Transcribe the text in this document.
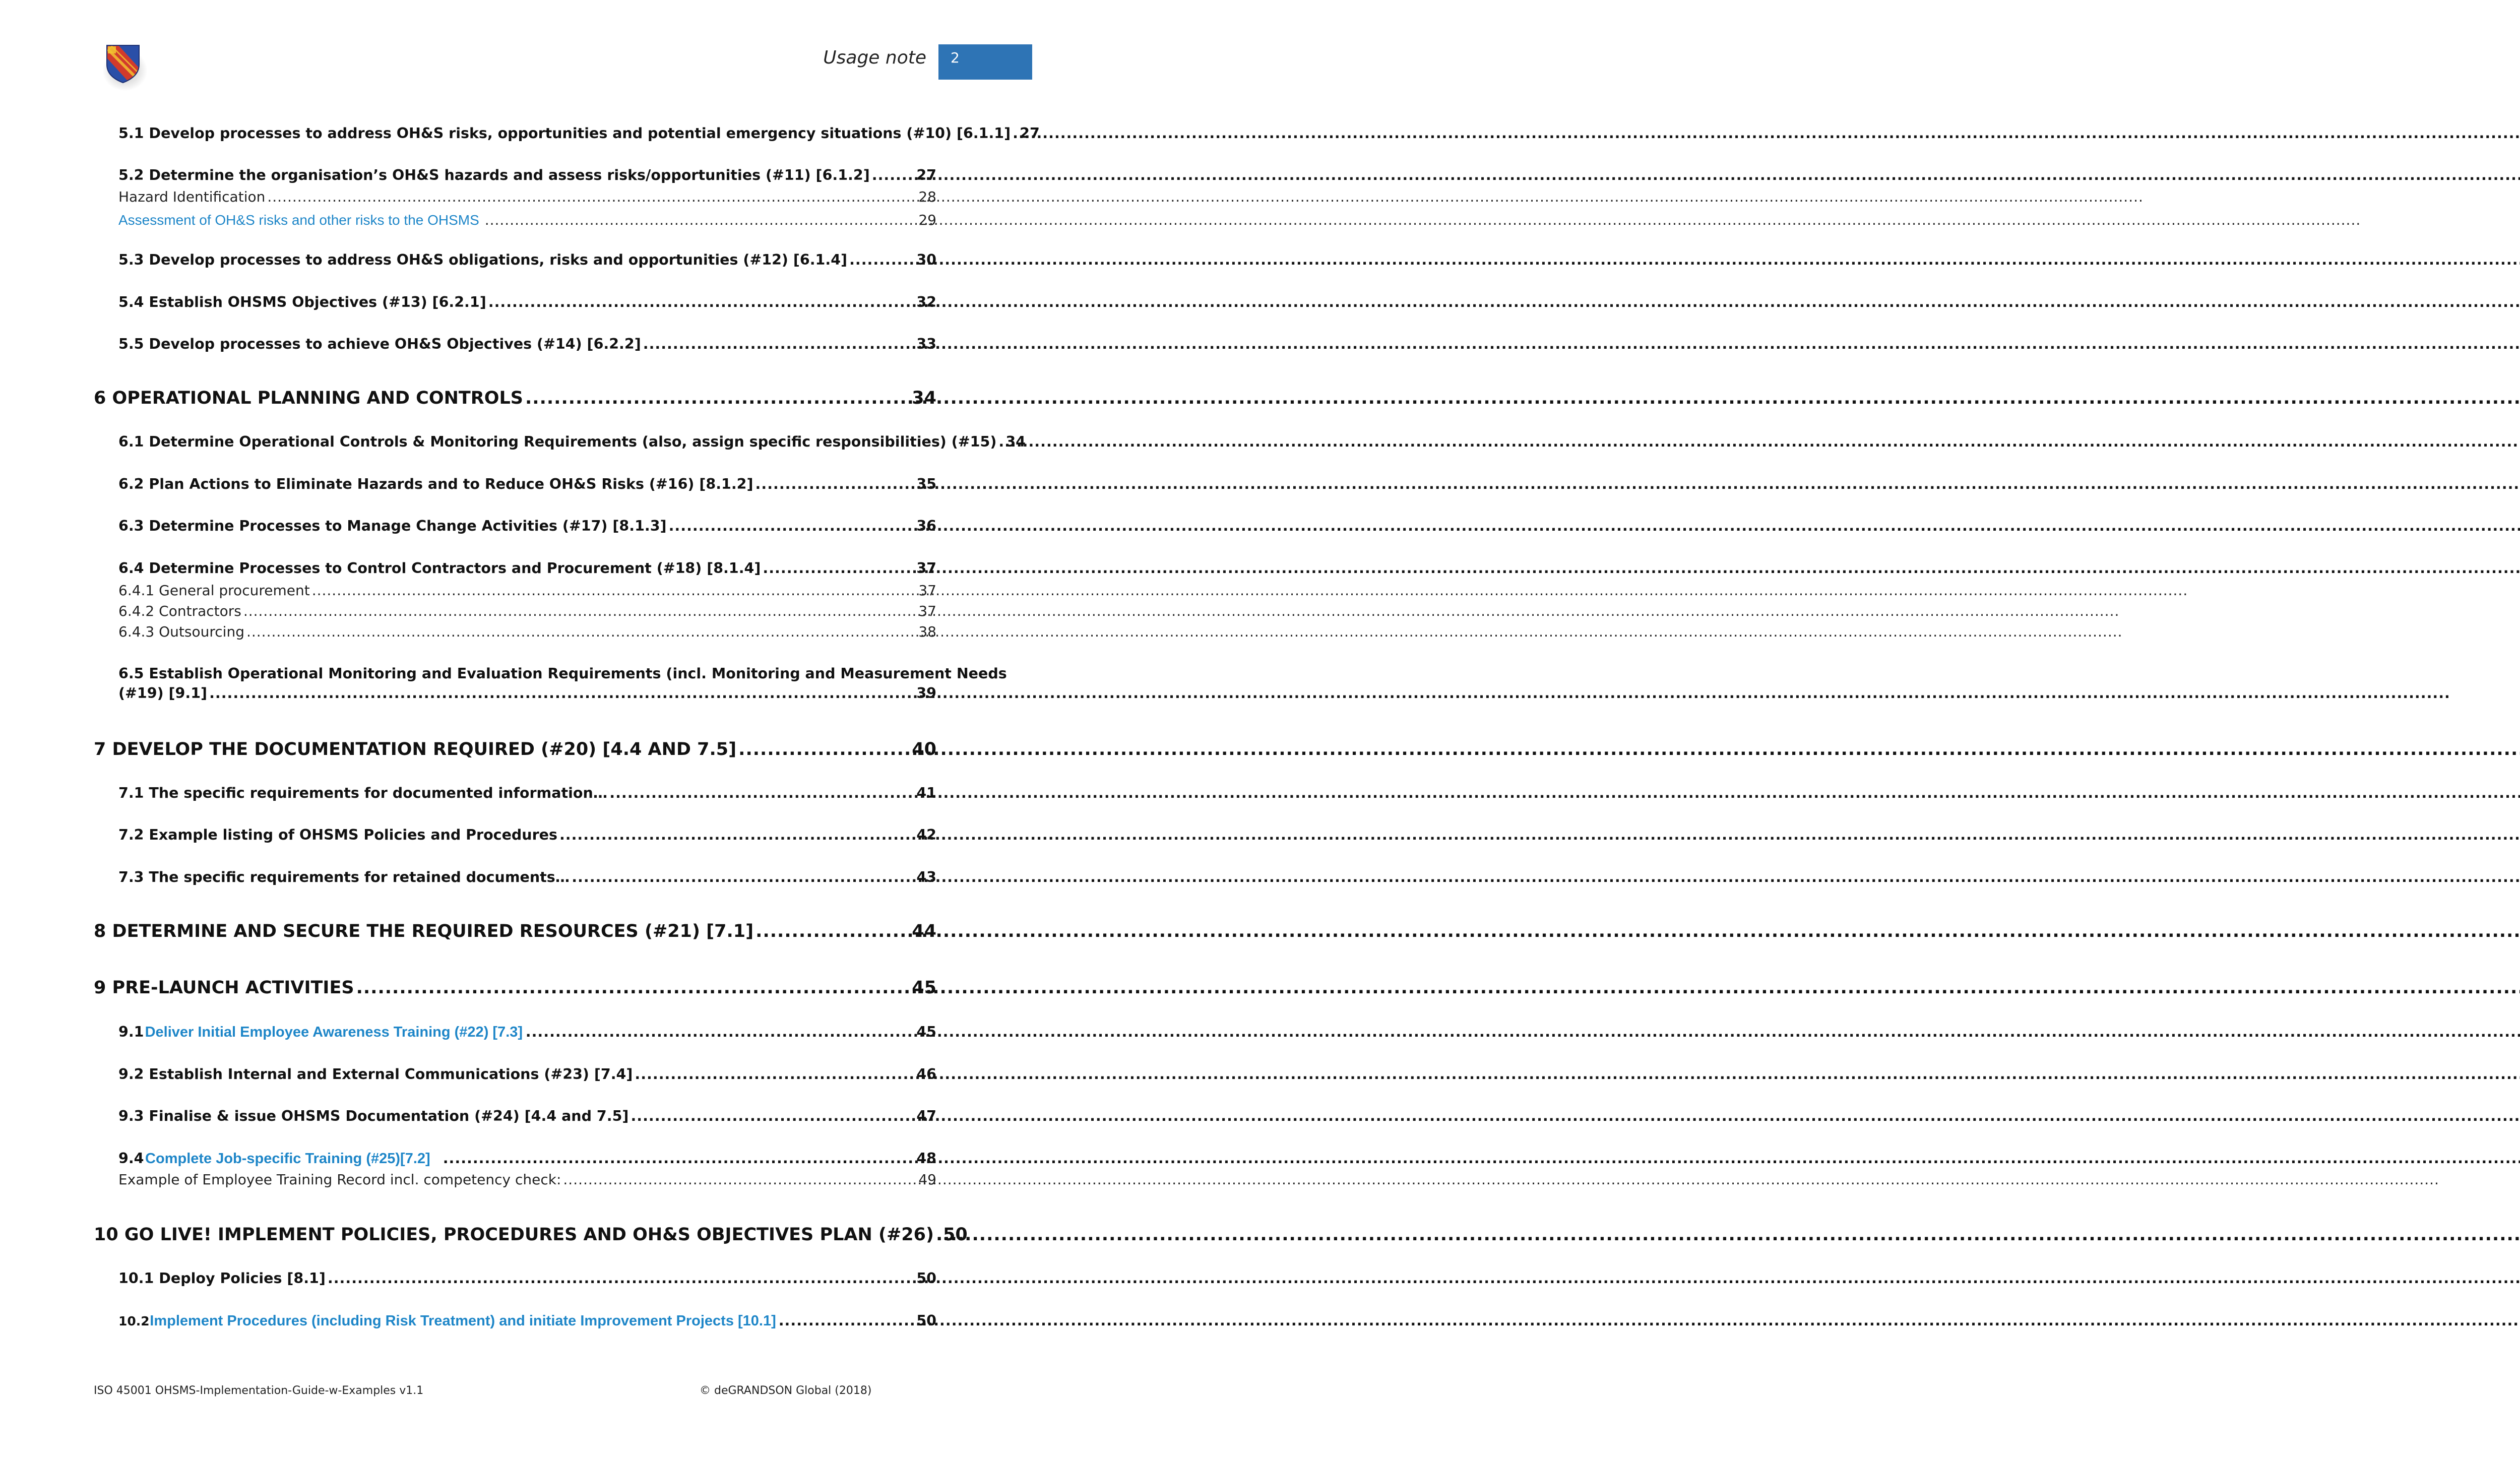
Usage note	2
5.1 Develop processes to address OH&S risks, opportunities and potential emergency situations (#10) [6.1.1] ..... 27
5.2 Determine the organisation’s OH&S hazards and assess risks/opportunities (#11) [6.1.2] .....	27
Hazard Identification .....	28
Assessment of OH&S risks and other risks to the OHSMS .....	29
5.3 Develop processes to address OH&S obligations, risks and opportunities (#12) [6.1.4] .....	30
5.4 Establish OHSMS Objectives (#13) [6.2.1] .....	32
5.5 Develop processes to achieve OH&S Objectives (#14) [6.2.2] .....	33
6 OPERATIONAL PLANNING AND CONTROLS .....	34
6.1 Determine Operational Controls & Monitoring Requirements (also, assign specific responsibilities) (#15) ..... 34
6.2 Plan Actions to Eliminate Hazards and to Reduce OH&S Risks (#16) [8.1.2] .....	35
6.3 Determine Processes to Manage Change Activities (#17) [8.1.3] .....	36
6.4 Determine Processes to Control Contractors and Procurement (#18) [8.1.4] .....	37
6.4.1 General procurement .....	37
6.4.2 Contractors .....	37
6.4.3 Outsourcing .....	38
6.5 Establish Operational Monitoring and Evaluation Requirements (incl. Monitoring and Measurement Needs
(#19) [9.1] .....	39
7 DEVELOP THE DOCUMENTATION REQUIRED (#20) [4.4 AND 7.5] .....	40
7.1 The specific requirements for documented information… .....	41
7.2 Example listing of OHSMS Policies and Procedures .....	42
7.3 The specific requirements for retained documents… .....	43
8 DETERMINE AND SECURE THE REQUIRED RESOURCES (#21) [7.1] .....	44
9 PRE-LAUNCH ACTIVITIES .....	45
9.1 Deliver Initial Employee Awareness Training (#22) [7.3] .....	45
9.2 Establish Internal and External Communications (#23) [7.4] .....	46
9.3 Finalise & issue OHSMS Documentation (#24) [4.4 and 7.5] .....	47
9.4 Complete Job-specific Training (#25)[7.2] .....	48
Example of Employee Training Record incl. competency check: .....	49
10 GO LIVE! IMPLEMENT POLICIES, PROCEDURES AND OH&S OBJECTIVES PLAN (#26) ..... 50
10.1 Deploy Policies [8.1] .....	50
10.2 Implement Procedures (including Risk Treatment) and initiate Improvement Projects [10.1] .....	50
ISO 45001 OHSMS-Implementation-Guide-w-Examples v1.1	© deGRANDSON Global (2018)
